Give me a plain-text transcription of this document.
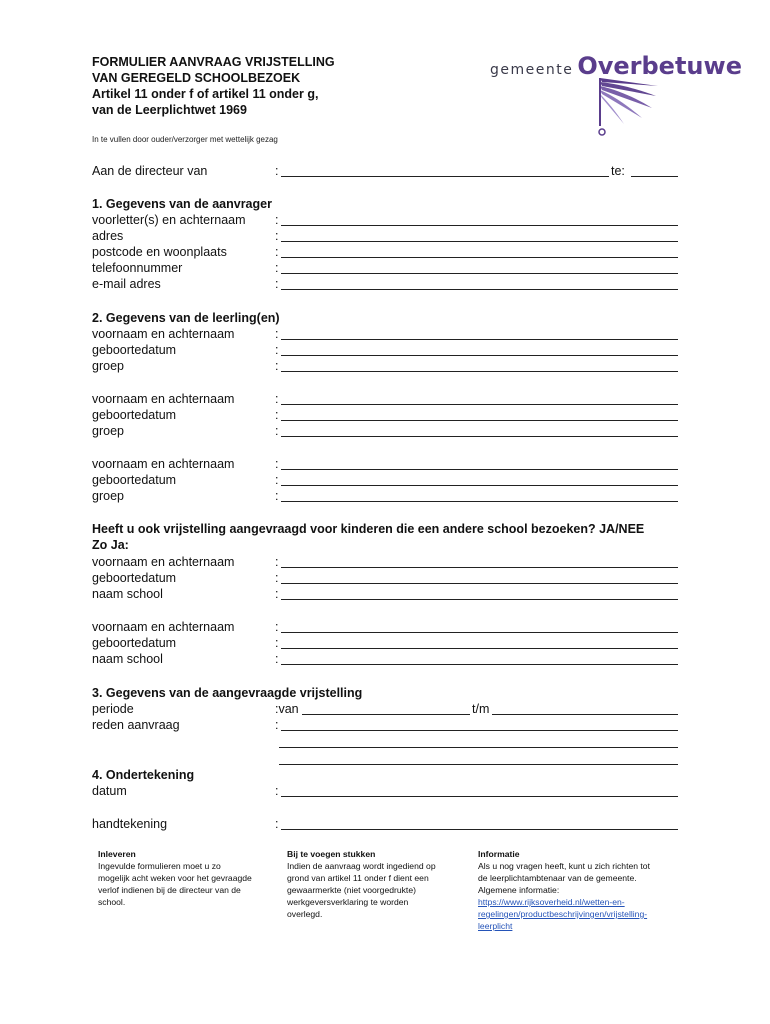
FORMULIER AANVRAAG VRIJSTELLING
VAN GEREGELD SCHOOLBEZOEK
Artikel 11 onder f of artikel 11 onder g,
van de Leerplichtwet 1969
In te vullen door ouder/verzorger met wettelijk gezag
gemeente Overbetuwe
Aan de directeur van	:	te:
1. Gegevens van de aanvrager
voorletter(s) en achternaam :
adres	:
postcode en woonplaats	:
telefoonnummer	:
e-mail adres	:
2. Gegevens van de leerling(en)
voornaam en achternaam	:
geboortedatum	:
groep	:
voornaam en achternaam	:
geboortedatum	:
groep	:
voornaam en achternaam	:
geboortedatum	:
groep	:
Heeft u ook vrijstelling aangevraagd voor kinderen die een andere school bezoeken? JA/NEE
Zo Ja:
voornaam en achternaam	:
geboortedatum	:
naam school	:
voornaam en achternaam	:
geboortedatum	:
naam school	:
3. Gegevens van de aangevraagde vrijstelling
periode	:van	t/m
reden aanvraag	:
4. Ondertekening
datum	:
handtekening	:
Inleveren
Ingevulde formulieren moet u zo
mogelijk acht weken voor het gevraagde
verlof indienen bij de directeur van de
school.
Bij te voegen stukken
Indien de aanvraag wordt ingediend op
grond van artikel 11 onder f dient een
gewaarmerkte (niet voorgedrukte)
werkgeversverklaring te worden
overlegd.
Informatie
Als u nog vragen heeft, kunt u zich richten tot
de leerplichtambtenaar van de gemeente.
Algemene informatie:
https://www.rijksoverheid.nl/wetten-en-
regelingen/productbeschrijvingen/vrijstelling-
leerplicht
